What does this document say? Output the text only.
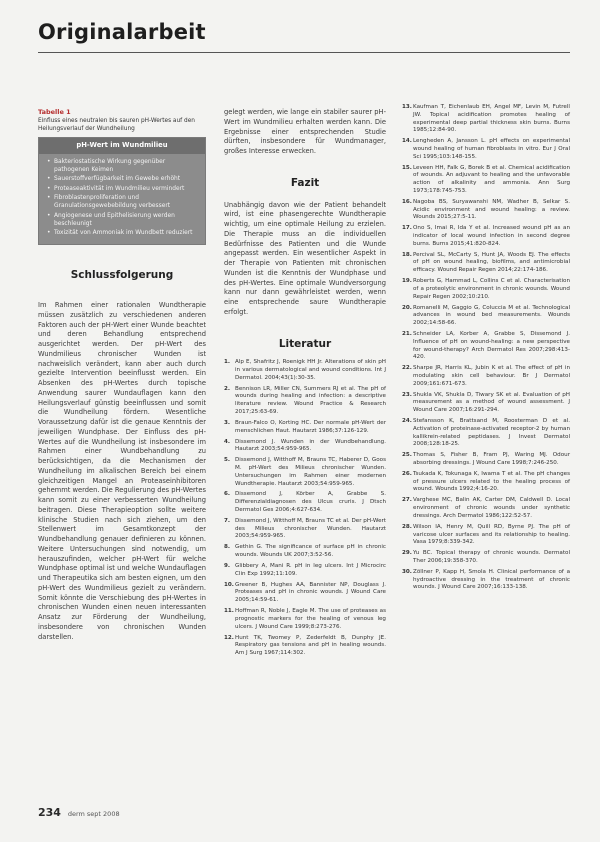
Originalarbeit
Tabelle 1
Einfluss eines neutralen bis sauren pH-Wertes auf den Heilungsverlauf der Wundheilung
pH-Wert im Wundmilieu
• Bakteriostatische Wirkung gegenüber pathogenen Keimen
• Sauerstoffverfügbarkeit im Gewebe erhöht
• Proteaseaktivität im Wundmilieu vermindert
• Fibroblastenproliferation und Granulationsgewebebildung verbessert
• Angiogenese und Epithelisierung werden beschleunigt
• Toxizität von Ammoniak im Wundbett reduziert
Schlussfolgerung

Im Rahmen einer rationalen Wundtherapie müssen zusätzlich zu verschiedenen anderen Faktoren auch der pH-Wert einer Wunde beachtet und deren Behandlung entsprechend ausgerichtet werden. Der pH-Wert des Wundmilieus chronischer Wunden ist nachweislich verändert, kann aber auch durch gezielte Intervention beeinflusst werden. Ein Absenken des pH-Wertes durch topische Anwendung saurer Wundauflagen kann den Heilungsverlauf günstig beeinflussen und somit die Wundheilung fördern. Wesentliche Voraussetzung dafür ist die genaue Kenntnis der jeweiligen Wundphase. Der Einfluss des pH-Wertes auf die Wundheilung ist insbesondere im Rahmen einer Wundbehandlung zu berücksichtigen, da die Mechanismen der Wundheilung im alkalischen Bereich bei einem gleichzeitigen Mangel an Proteaseinhibitoren gehemmt werden. Die Regulierung des pH-Wertes kann somit zu einer verbesserten Wundheilung beitragen. Diese Therapieoption sollte weitere klinische Studien nach sich ziehen, um den Stellenwert im Gesamtkonzept der Wundbehandlung genauer definieren zu können. Weitere Untersuchungen sind notwendig, um herauszufinden, welcher pH-Wert für welche Wundphase optimal ist und welche Wundauflagen und Therapeutika sich am besten eignen, um den pH-Wert des Wundmilieus gezielt zu verändern. Somit könnte die Verschiebung des pH-Wertes in chronischen Wunden einen neuen interessanten Ansatz zur Förderung der Wundheilung, insbesondere von chronischen Wunden darstellen.

gelegt werden, wie lange ein stabiler saurer pH-Wert im Wundmilieu erhalten werden kann. Die Ergebnisse einer entsprechenden Studie dürften, insbesondere für Wundmanager, großes Interesse erwecken.

Fazit

Unabhängig davon wie der Patient behandelt wird, ist eine phasengerechte Wundtherapie wichtig, um eine optimale Heilung zu erzielen. Die Therapie muss an die individuellen Bedürfnisse des Patienten und die Wunde angepasst werden. Ein wesentlicher Aspekt in der Therapie von Patienten mit chronischen Wunden ist die Kenntnis der Wundphase und des pH-Wertes. Eine optimale Wundversorgung kann nur dann gewährleistet werden, wenn eine entsprechende saure Wundtherapie erfolgt.

Literatur
1. Alp E, Shafritz J, Roenigk HH Jr. Alterations of skin pH in various dermatological and wound conditions. Int J Dermatol. 2004;43(1):30-35.
2. Bennison LR, Miller CN, Summers RJ et al. The pH of wounds during healing and infection: a descriptive literature review. Wound Practice & Research 2017;25:63-69.
3. Braun-Falco O, Korting HC. Der normale pH-Wert der menschlichen Haut. Hautarzt 1986;37:126-129.
4. Dissemond J. Wunden in der Wundbehandlung. Hautarzt 2003;54:959-965.
5. Dissemond J, Witthoff M, Brauns TC, Haberer D, Goos M. pH-Wert des Milieus chronischer Wunden. Untersuchungen im Rahmen einer modernen Wundtherapie. Hautarzt 2003;54:959-965.
6. Dissemond J, Körber A, Grabbe S. Differenzialdiagnosen des Ulcus cruris. J Dtsch Dermatol Ges 2006;4:627-634.
7. Dissemond J, Witthoff M, Brauns TC et al. Der pH-Wert des Milieus chronischer Wunden. Hautarzt 2003;54:959-965.
8. Gethin G. The significance of surface pH in chronic wounds. Wounds UK 2007;3:52-56.
9. Glibbery A, Mani R. pH in leg ulcers. Int J Microcirc Clin Exp 1992;11:109.
10. Greener B, Hughes AA, Bannister NP, Douglass J. Proteases and pH in chronic wounds. J Wound Care 2005;14:59-61.
11. Hoffman R, Noble J, Eagle M. The use of proteases as prognostic markers for the healing of venous leg ulcers. J Wound Care 1999;8:273-276.
12. Hunt TK, Twomey P, Zederfeldt B, Dunphy JE. Respiratory gas tensions and pH in healing wounds. Am J Surg 1967;114:302.
13. Kaufman T, Eichenlaub EH, Angel MF, Levin M, Futrell JW. Topical acidification promotes healing of experimental deep partial thickness skin burns. Burns 1985;12:84-90.
14. Lengheden A, Jansson L. pH effects on experimental wound healing of human fibroblasts in vitro. Eur J Oral Sci 1995;103:148-155.
15. Leveen HH, Falk G, Borek B et al. Chemical acidification of wounds. An adjuvant to healing and the unfavorable action of alkalinity and ammonia. Ann Surg 1973;178:745-753.
16. Nagoba BS, Suryawanshi NM, Wadher B, Selkar S. Acidic environment and wound healing: a review. Wounds 2015;27:5-11.
17. Ono S, Imai R, Ida Y et al. Increased wound pH as an indicator of local wound infection in second degree burns. Burns 2015;41:820-824.
18. Percival SL, McCarty S, Hunt JA, Woods EJ. The effects of pH on wound healing, biofilms, and antimicrobial efficacy. Wound Repair Regen 2014;22:174-186.
19. Roberts G, Hammad L, Collins C et al. Characterisation of a proteolytic environment in chronic wounds. Wound Repair Regen 2002;10:210.
20. Romanelli M, Gaggio G, Coluccia M et al. Technological advances in wound bed measurements. Wounds 2002;14:58-66.
21. Schneider LA, Korber A, Grabbe S, Dissemond J. Influence of pH on wound-healing: a new perspective for wound-therapy? Arch Dermatol Res 2007;298:413-420.
22. Sharpe JR, Harris KL, Jubin K et al. The effect of pH in modulating skin cell behaviour. Br J Dermatol 2009;161:671-673.
23. Shukla VK, Shukla D, Tiwary SK et al. Evaluation of pH measurement as a method of wound assessment. J Wound Care 2007;16:291-294.
24. Stefansson K, Brattsand M, Roosterman D et al. Activation of proteinase-activated receptor-2 by human kallikrein-related peptidases. J Invest Dermatol 2008;128:18-25.
25. Thomas S, Fisher B, Fram PJ, Waring MJ. Odour absorbing dressings. J Wound Care 1998;7:246-250.
26. Tsukada K, Tokunaga K, Iwama T et al. The pH changes of pressure ulcers related to the healing process of wound. Wounds 1992;4:16-20.
27. Varghese MC, Balin AK, Carter DM, Caldwell D. Local environment of chronic wounds under synthetic dressings. Arch Dermatol 1986;122:52-57.
28. Wilson IA, Henry M, Quill RD, Byrne PJ. The pH of varicose ulcer surfaces and its relationship to healing. Vasa 1979;8:339-342.
29. Yu BC. Topical therapy of chronic wounds. Dermatol Ther 2006;19:358-370.
30. Zöllner P, Kapp H, Smola H. Clinical performance of a hydroactive dressing in the treatment of chronic wounds. J Wound Care 2007;16:133-138.
234 derm sept 2008
